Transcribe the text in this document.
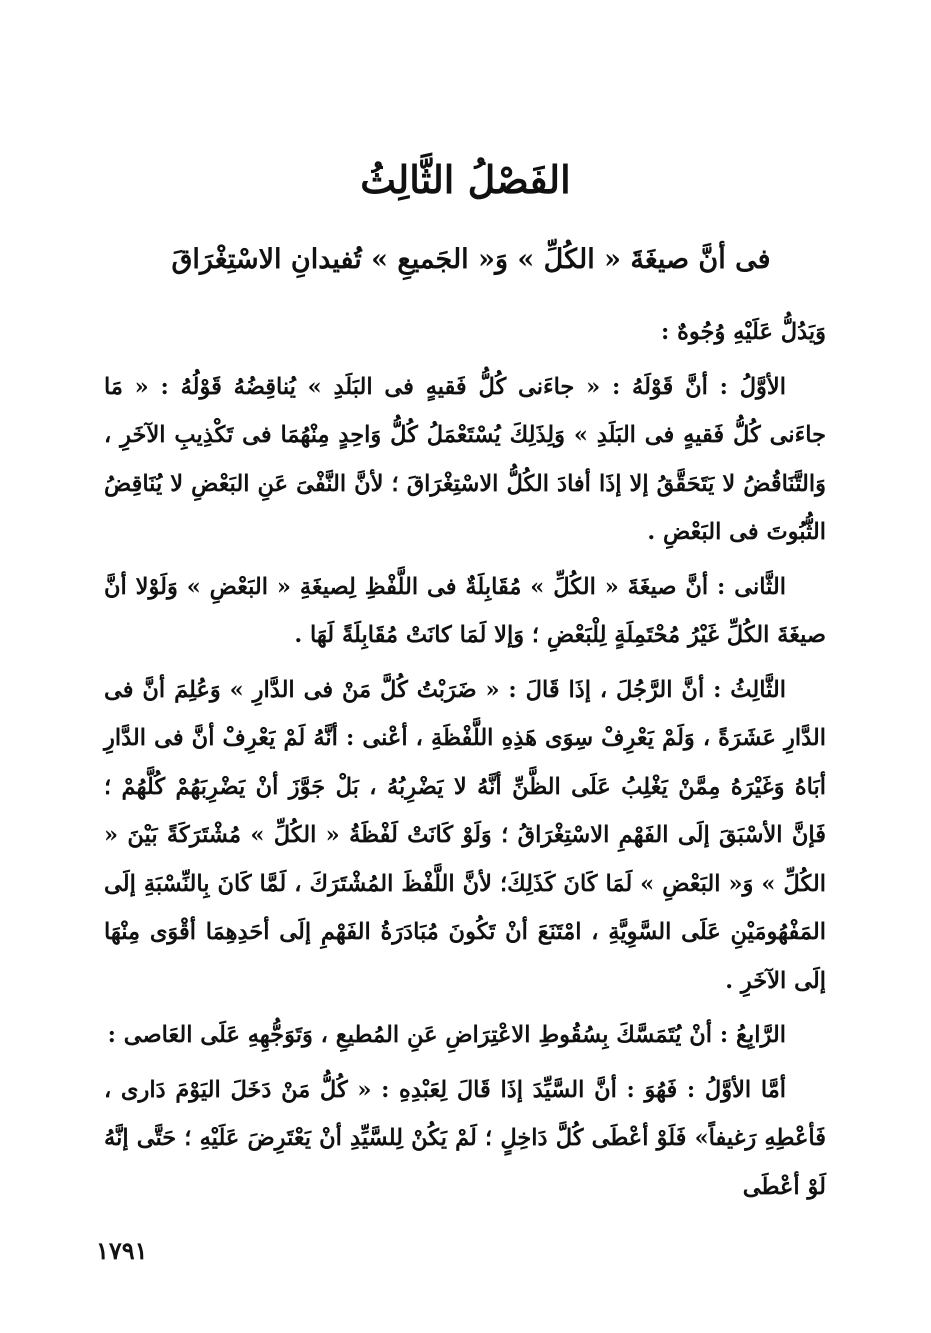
الفَصْلُ الثَّالِثُ
فى أنَّ صيغَةَ « الكُلِّ » وَ« الجَميعِ » تُفيدانِ الاسْتِغْرَاقَ

وَيَدُلُّ عَلَيْهِ وُجُوهٌ :

الأوَّلُ : أنَّ قَوْلَهُ : « جاءَنى كُلُّ فَقيهٍ فى البَلَدِ » يُناقِضُهُ قَوْلُهُ : « مَا جاءَنى كُلُّ فَقيهٍ فى البَلَدِ » وَلِذَلِكَ يُسْتَعْمَلُ كُلُّ وَاحِدٍ مِنْهُمَا فى تَكْذِيبِ الآخَرِ ، وَالتَّنَاقُضُ لا يَتَحَقَّقُ إلا إذَا أفادَ الكُلُّ الاسْتِغْرَاقَ ؛ لأنَّ النَّفْىَ عَنِ البَعْضِ لا يُنَاقِضُ الثُّبُوتَ فى البَعْضِ .

الثَّانى : أنَّ صيغَةَ « الكُلِّ » مُقَابِلَةٌ فى اللَّفْظِ لِصيغَةِ « البَعْضِ » وَلَوْلا أنَّ صيغَةَ الكُلِّ غَيْرُ مُحْتَمِلَةٍ لِلْبَعْضِ ؛ وَإلا لَمَا كانَتْ مُقَابِلَةً لَهَا .

الثَّالِثُ : أنَّ الرَّجُلَ ، إذَا قَالَ : « ضَرَبْتُ كُلَّ مَنْ فى الدَّارِ » وَعُلِمَ أنَّ فى الدَّارِ عَشَرَةً ، وَلَمْ يَعْرِفْ سِوَى هَذِهِ اللَّفْظَةِ ، أعْنى : أنَّهُ لَمْ يَعْرِفْ أنَّ فى الدَّارِ أبَاهُ وَغَيْرَهُ مِمَّنْ يَغْلِبُ عَلَى الظَّنِّ أنَّهُ لا يَضْرِبُهُ ، بَلْ جَوَّزَ أنْ يَضْرِبَهُمْ كُلَّهُمْ ؛ فَإنَّ الأسْبَقَ إلَى الفَهْمِ الاسْتِغْرَاقُ ؛ وَلَوْ كَانَتْ لَفْظَةُ « الكُلِّ » مُشْتَرَكَةً بَيْنَ « الكُلِّ » وَ« البَعْضِ » لَمَا كَانَ كَذَلِكَ؛ لأنَّ اللَّفْظَ المُشْتَرَكَ ، لَمَّا كَانَ بِالنِّسْبَةِ إلَى المَفْهُومَيْنِ عَلَى السَّوِيَّةِ ، امْتَنَعَ أنْ تَكُونَ مُبَادَرَةُ الفَهْمِ إلَى أحَدِهِمَا أقْوَى مِنْهَا إلَى الآخَرِ .

الرَّابِعُ : أنْ يُتَمَسَّكَ بِسُقُوطِ الاعْتِرَاضِ عَنِ المُطيعِ ، وَتَوَجُّهِهِ عَلَى العَاصى :

أمَّا الأوَّلُ : فَهُوَ : أنَّ السَّيِّدَ إذَا قَالَ لِعَبْدِهِ : « كُلُّ مَنْ دَخَلَ اليَوْمَ دَارى ، فَأعْطِهِ رَغيفاً» فَلَوْ أعْطَى كُلَّ دَاخِلٍ ؛ لَمْ يَكُنْ لِلسَّيِّدِ أنْ يَعْتَرِضَ عَلَيْهِ ؛ حَتَّى إنَّهُ لَوْ أعْطَى

١٧٩١
